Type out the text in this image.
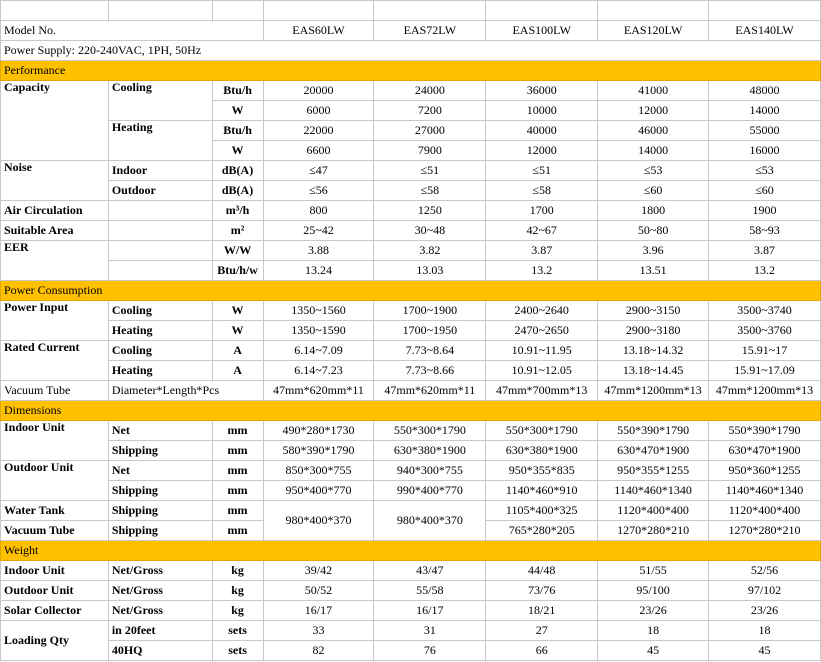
Model No.			EAS60LW	EAS72LW	EAS100LW	EAS120LW	EAS140LW
Power Supply: 220-240VAC, 1PH, 50Hz							
Performance							
Capacity	Cooling	Btu/h	20000	24000	36000	41000	48000
		W	6000	7200	10000	12000	14000
	Heating	Btu/h	22000	27000	40000	46000	55000
		W	6600	7900	12000	14000	16000
Noise	Indoor	dB(A)	≤47	≤51	≤51	≤53	≤53
	Outdoor	dB(A)	≤56	≤58	≤58	≤60	≤60
Air Circulation		m³/h	800	1250	1700	1800	1900
Suitable Area		m²	25~42	30~48	42~67	50~80	58~93
EER		W/W	3.88	3.82	3.87	3.96	3.87
		Btu/h/w	13.24	13.03	13.2	13.51	13.2
Power Consumption							
Power Input	Cooling	W	1350~1560	1700~1900	2400~2640	2900~3150	3500~3740
	Heating	W	1350~1590	1700~1950	2470~2650	2900~3180	3500~3760
Rated Current	Cooling	A	6.14~7.09	7.73~8.64	10.91~11.95	13.18~14.32	15.91~17
	Heating	A	6.14~7.23	7.73~8.66	10.91~12.05	13.18~14.45	15.91~17.09
Vacuum Tube	Diameter*Length*Pcs		47mm*620mm*11	47mm*620mm*11	47mm*700mm*13	47mm*1200mm*13	47mm*1200mm*13
Dimensions							
Indoor Unit	Net	mm	490*280*1730	550*300*1790	550*300*1790	550*390*1790	550*390*1790
	Shipping	mm	580*390*1790	630*380*1900	630*380*1900	630*470*1900	630*470*1900
Outdoor Unit	Net	mm	850*300*755	940*300*755	950*355*835	950*355*1255	950*360*1255
	Shipping	mm	950*400*770	990*400*770	1140*460*910	1140*460*1340	1140*460*1340
Water Tank	Shipping	mm	980*400*370	980*400*370	1105*400*325	1120*400*400	1120*400*400
Vacuum Tube	Shipping	mm			765*280*205	1270*280*210	1270*280*210
Weight							
Indoor Unit	Net/Gross	kg	39/42	43/47	44/48	51/55	52/56
Outdoor Unit	Net/Gross	kg	50/52	55/58	73/76	95/100	97/102
Solar Collector	Net/Gross	kg	16/17	16/17	18/21	23/26	23/26
Loading Qty	in 20feet	sets	33	31	27	18	18
	40HQ	sets	82	76	66	45	45
